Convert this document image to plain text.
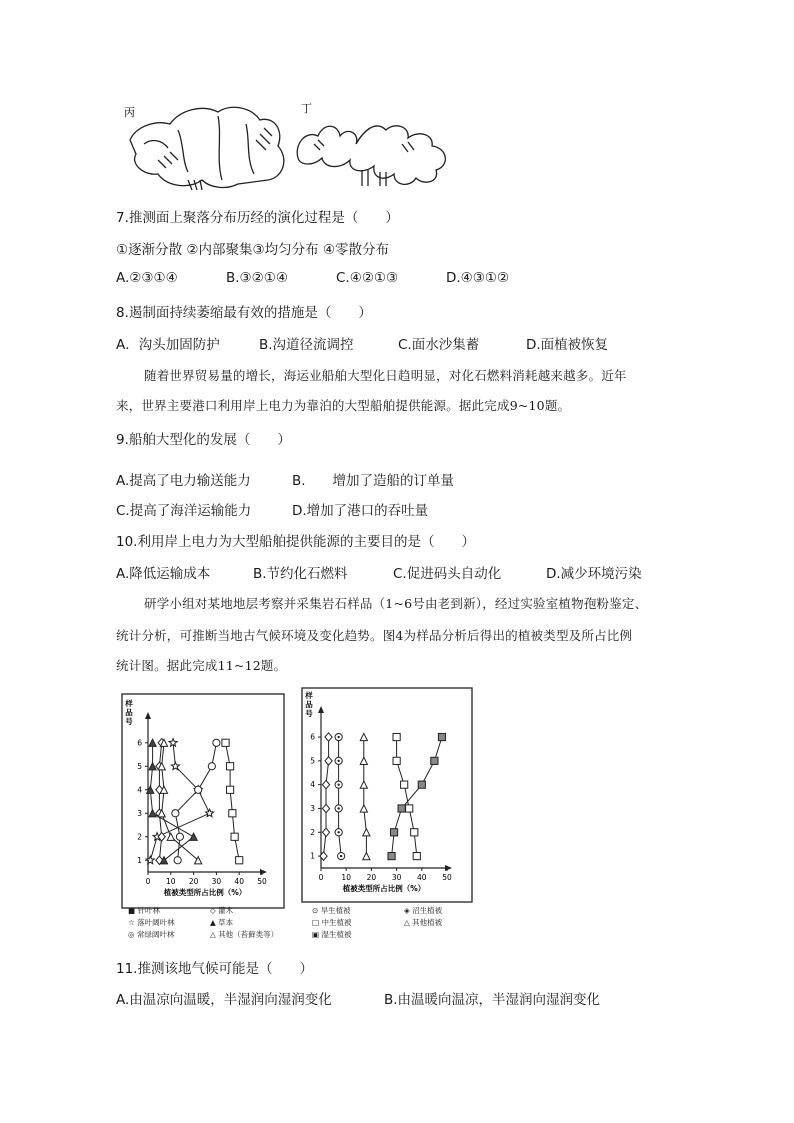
丙	丁
7.推测面上聚落分布历经的演化过程是（　　）
①逐渐分散 ②内部聚集③均匀分布 ④零散分布
A.②③①④	B.③②①④	C.④②①③	D.④③①②
8.遏制面持续萎缩最有效的措施是（　　）
A．沟头加固防护	B.沟道径流调控	C.面水沙集蓄	D.面植被恢复
随着世界贸易量的增长，海运业船舶大型化日趋明显，对化石燃料消耗越来越多。近年
来，世界主要港口利用岸上电力为靠泊的大型船舶提供能源。据此完成9~10题。
9.船舶大型化的发展（　　）
A.提高了电力输送能力	B.　　增加了造船的订单量
C.提高了海洋运输能力	D.增加了港口的吞吐量
10.利用岸上电力为大型船舶提供能源的主要目的是（　　）
A.降低运输成本	B.节约化石燃料	C.促进码头自动化	D.减少环境污染
研学小组对某地地层考察并采集岩石样品（1~6号由老到新），经过实验室植物孢粉鉴定、
统计分析，可推断当地古气候环境及变化趋势。图4为样品分析后得出的植被类型及所占比例
统计图。据此完成11~12题。
0 10 20 30 40 50
1
2
3
4
5
6
样
品
号
植被类型所占比例（%）
0 10 20 30 40 50
1
2
3
4
5
6
样
品
号
植被类型所占比例（%）
■ 针叶林
☆ 落叶阔叶林
◎ 常绿阔叶林
◇ 灌木
▲ 草本
△ 其他（苔藓类等）
⊙ 旱生植被
□ 中生植被
▣ 湿生植被
◈ 沼生植被
△ 其他植被
11.推测该地气候可能是（　　）
A.由温凉向温暖，半湿润向湿润变化	B.由温暖向温凉，半湿润向湿润变化
